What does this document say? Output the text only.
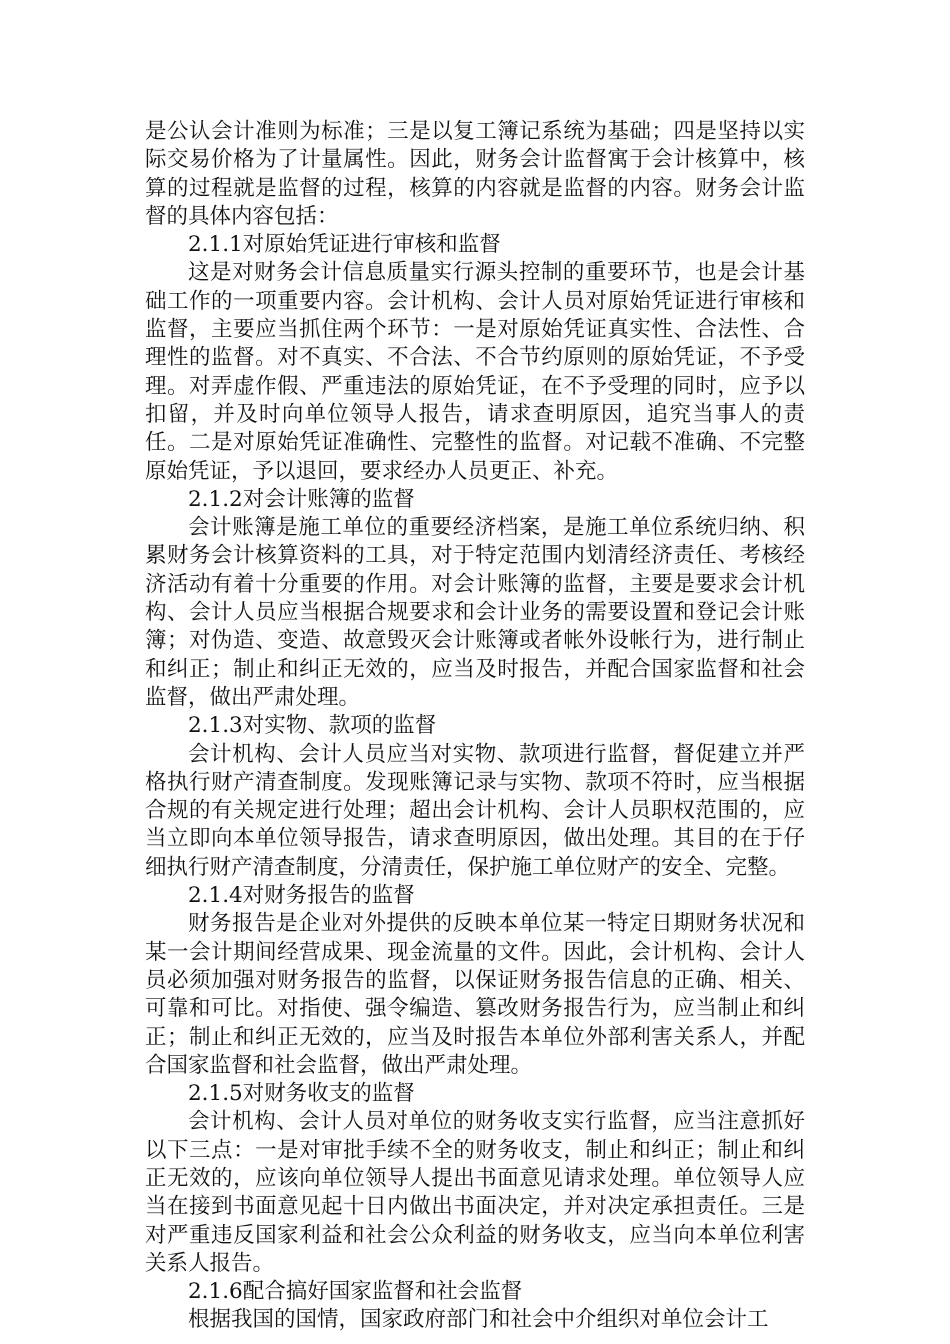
是公认会计准则为标准；三是以复工簿记系统为基础；四是坚持以实际交易价格为了计量属性。因此，财务会计监督寓于会计核算中，核算的过程就是监督的过程，核算的内容就是监督的内容。财务会计监督的具体内容包括：

2.1.1对原始凭证进行审核和监督

这是对财务会计信息质量实行源头控制的重要环节，也是会计基础工作的一项重要内容。会计机构、会计人员对原始凭证进行审核和监督，主要应当抓住两个环节：一是对原始凭证真实性、合法性、合理性的监督。对不真实、不合法、不合节约原则的原始凭证，不予受理。对弄虚作假、严重违法的原始凭证，在不予受理的同时，应予以扣留，并及时向单位领导人报告，请求查明原因，追究当事人的责任。二是对原始凭证准确性、完整性的监督。对记载不准确、不完整原始凭证，予以退回，要求经办人员更正、补充。

2.1.2对会计账簿的监督

会计账簿是施工单位的重要经济档案，是施工单位系统归纳、积累财务会计核算资料的工具，对于特定范围内划清经济责任、考核经济活动有着十分重要的作用。对会计账簿的监督，主要是要求会计机构、会计人员应当根据合规要求和会计业务的需要设置和登记会计账簿；对伪造、变造、故意毁灭会计账簿或者帐外设帐行为，进行制止和纠正；制止和纠正无效的，应当及时报告，并配合国家监督和社会监督，做出严肃处理。

2.1.3对实物、款项的监督

会计机构、会计人员应当对实物、款项进行监督，督促建立并严格执行财产清查制度。发现账簿记录与实物、款项不符时，应当根据合规的有关规定进行处理；超出会计机构、会计人员职权范围的，应当立即向本单位领导报告，请求查明原因，做出处理。其目的在于仔细执行财产清查制度，分清责任，保护施工单位财产的安全、完整。

2.1.4对财务报告的监督

财务报告是企业对外提供的反映本单位某一特定日期财务状况和某一会计期间经营成果、现金流量的文件。因此，会计机构、会计人员必须加强对财务报告的监督，以保证财务报告信息的正确、相关、可靠和可比。对指使、强令编造、篡改财务报告行为，应当制止和纠正；制止和纠正无效的，应当及时报告本单位外部利害关系人，并配合国家监督和社会监督，做出严肃处理。

2.1.5对财务收支的监督

会计机构、会计人员对单位的财务收支实行监督，应当注意抓好以下三点：一是对审批手续不全的财务收支，制止和纠正；制止和纠正无效的，应该向单位领导人提出书面意见请求处理。单位领导人应当在接到书面意见起十日内做出书面决定，并对决定承担责任。三是对严重违反国家利益和社会公众利益的财务收支，应当向本单位利害关系人报告。

2.1.6配合搞好国家监督和社会监督

根据我国的国情，国家政府部门和社会中介组织对单位会计工
